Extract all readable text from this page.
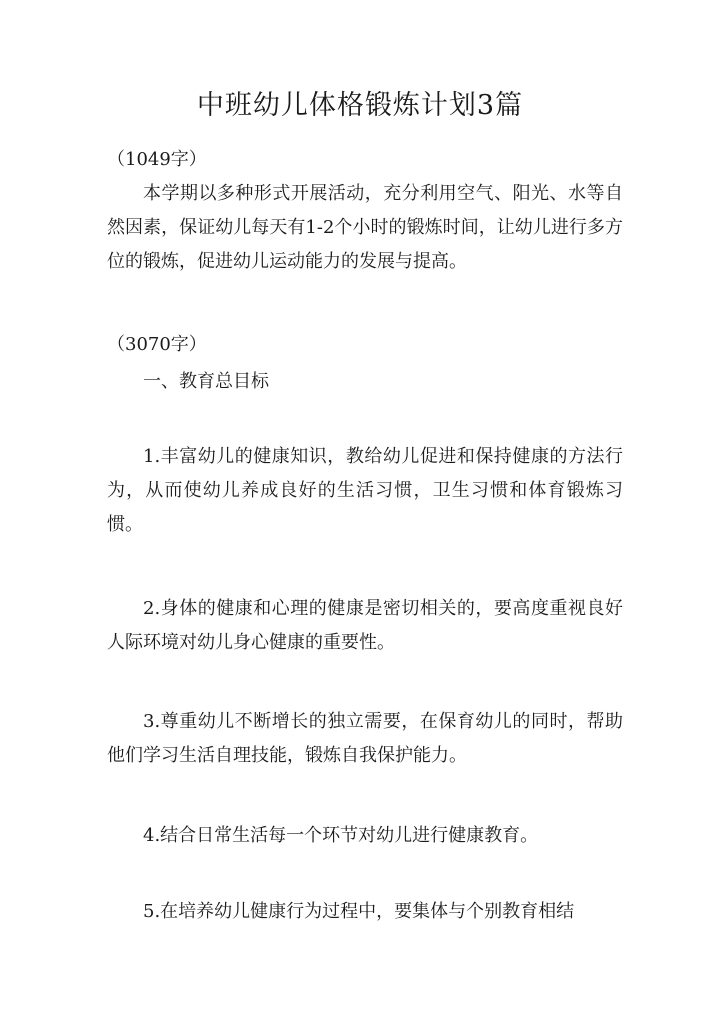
中班幼儿体格锻炼计划3篇

（1049字）

本学期以多种形式开展活动，充分利用空气、阳光、水等自然因素，保证幼儿每天有1-2个小时的锻炼时间，让幼儿进行多方位的锻炼，促进幼儿运动能力的发展与提高。

（3070字）

一、教育总目标

1.丰富幼儿的健康知识，教给幼儿促进和保持健康的方法行为，从而使幼儿养成良好的生活习惯，卫生习惯和体育锻炼习惯。

2.身体的健康和心理的健康是密切相关的，要高度重视良好人际环境对幼儿身心健康的重要性。

3.尊重幼儿不断增长的独立需要，在保育幼儿的同时，帮助他们学习生活自理技能，锻炼自我保护能力。

4.结合日常生活每一个环节对幼儿进行健康教育。

5.在培养幼儿健康行为过程中，要集体与个别教育相结
